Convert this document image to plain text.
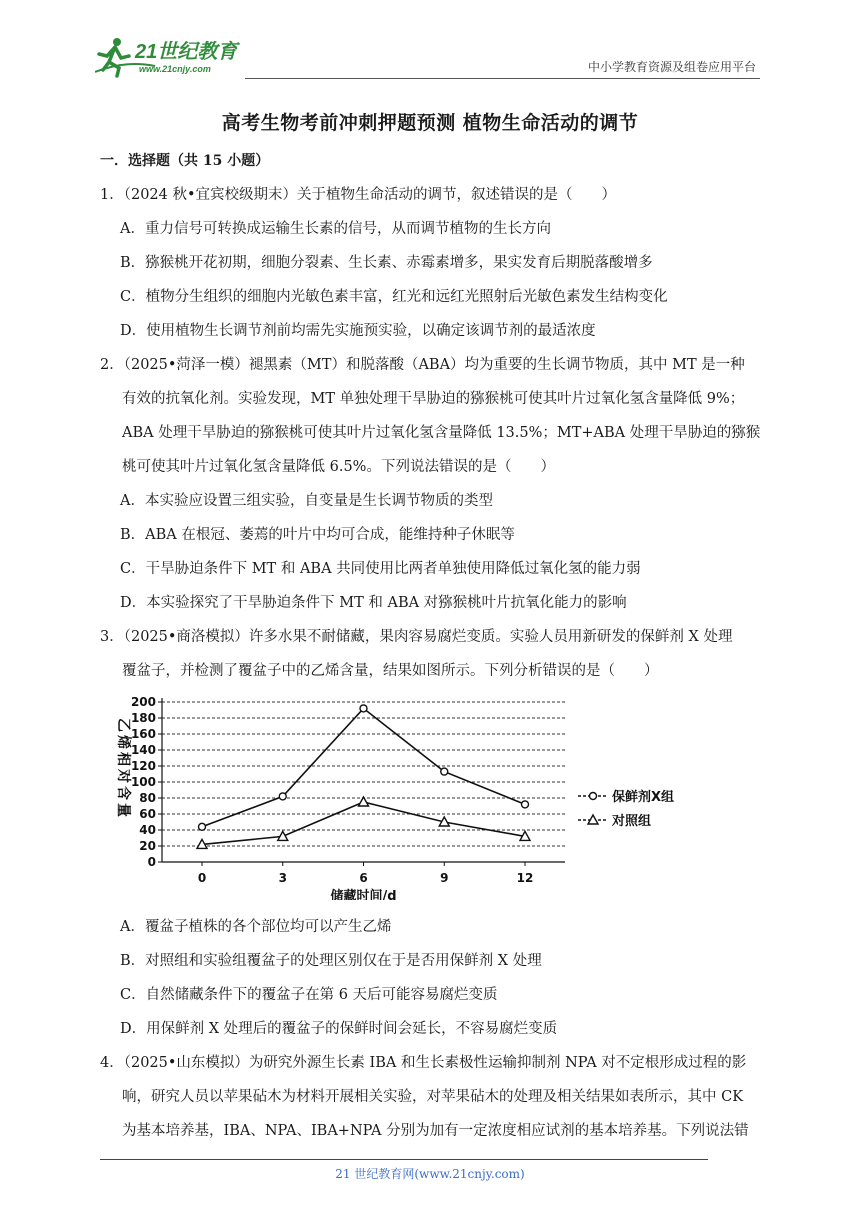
21世纪教育
www.21cnjy.com	中小学教育资源及组卷应用平台
高考生物考前冲刺押题预测 植物生命活动的调节
一．选择题（共 15 小题）

1．（2024 秋•宜宾校级期末）关于植物生命活动的调节，叙述错误的是（　　）

A．重力信号可转换成运输生长素的信号，从而调节植物的生长方向
B．猕猴桃开花初期，细胞分裂素、生长素、赤霉素增多，果实发育后期脱落酸增多
C．植物分生组织的细胞内光敏色素丰富，红光和远红光照射后光敏色素发生结构变化
D．使用植物生长调节剂前均需先实施预实验，以确定该调节剂的最适浓度

2．（2025•菏泽一模）褪黑素（MT）和脱落酸（ABA）均为重要的生长调节物质，其中 MT 是一种

有效的抗氧化剂。实验发现，MT 单独处理干旱胁迫的猕猴桃可使其叶片过氧化氢含量降低 9%；

ABA 处理干旱胁迫的猕猴桃可使其叶片过氧化氢含量降低 13.5%；MT+ABA 处理干旱胁迫的猕猴

桃可使其叶片过氧化氢含量降低 6.5%。下列说法错误的是（　　）

A．本实验应设置三组实验，自变量是生长调节物质的类型
B．ABA 在根冠、萎蔫的叶片中均可合成，能维持种子休眠等
C．干旱胁迫条件下 MT 和 ABA 共同使用比两者单独使用降低过氧化氢的能力弱
D．本实验探究了干旱胁迫条件下 MT 和 ABA 对猕猴桃叶片抗氧化能力的影响

3．（2025•商洛模拟）许多水果不耐储藏，果肉容易腐烂变质。实验人员用新研发的保鲜剂 X 处理

覆盆子，并检测了覆盆子中的乙烯含量，结果如图所示。下列分析错误的是（　　）

0
20
40
60
80
100
120
140
160
180
200
0	3	6	9	12
储藏时间/d
乙
烯
相
对
含
量
保鲜剂X组
对照组
A．覆盆子植株的各个部位均可以产生乙烯
B．对照组和实验组覆盆子的处理区别仅在于是否用保鲜剂 X 处理
C．自然储藏条件下的覆盆子在第 6 天后可能容易腐烂变质
D．用保鲜剂 X 处理后的覆盆子的保鲜时间会延长，不容易腐烂变质

4．（2025•山东模拟）为研究外源生长素 IBA 和生长素极性运输抑制剂 NPA 对不定根形成过程的影

响，研究人员以苹果砧木为材料开展相关实验，对苹果砧木的处理及相关结果如表所示，其中 CK

为基本培养基，IBA、NPA、IBA+NPA 分别为加有一定浓度相应试剂的基本培养基。下列说法错

21 世纪教育网(www.21cnjy.com)
